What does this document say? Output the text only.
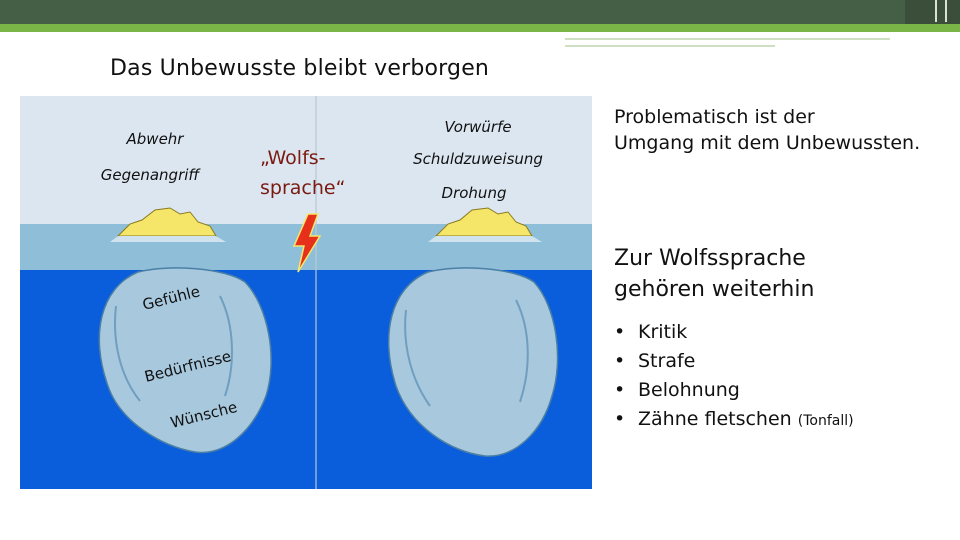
Das Unbewusste bleibt verborgen
Abwehr
Gegenangriff
„Wolfs-
sprache“
Vorwürfe
Schuldzuweisung
Drohung
Gefühle
Bedürfnisse
Wünsche
Problematisch ist der
Umgang mit dem Unbewussten.
Zur Wolfssprache
gehören weiterhin
• Kritik
• Strafe
• Belohnung
• Zähne fletschen (Tonfall)
